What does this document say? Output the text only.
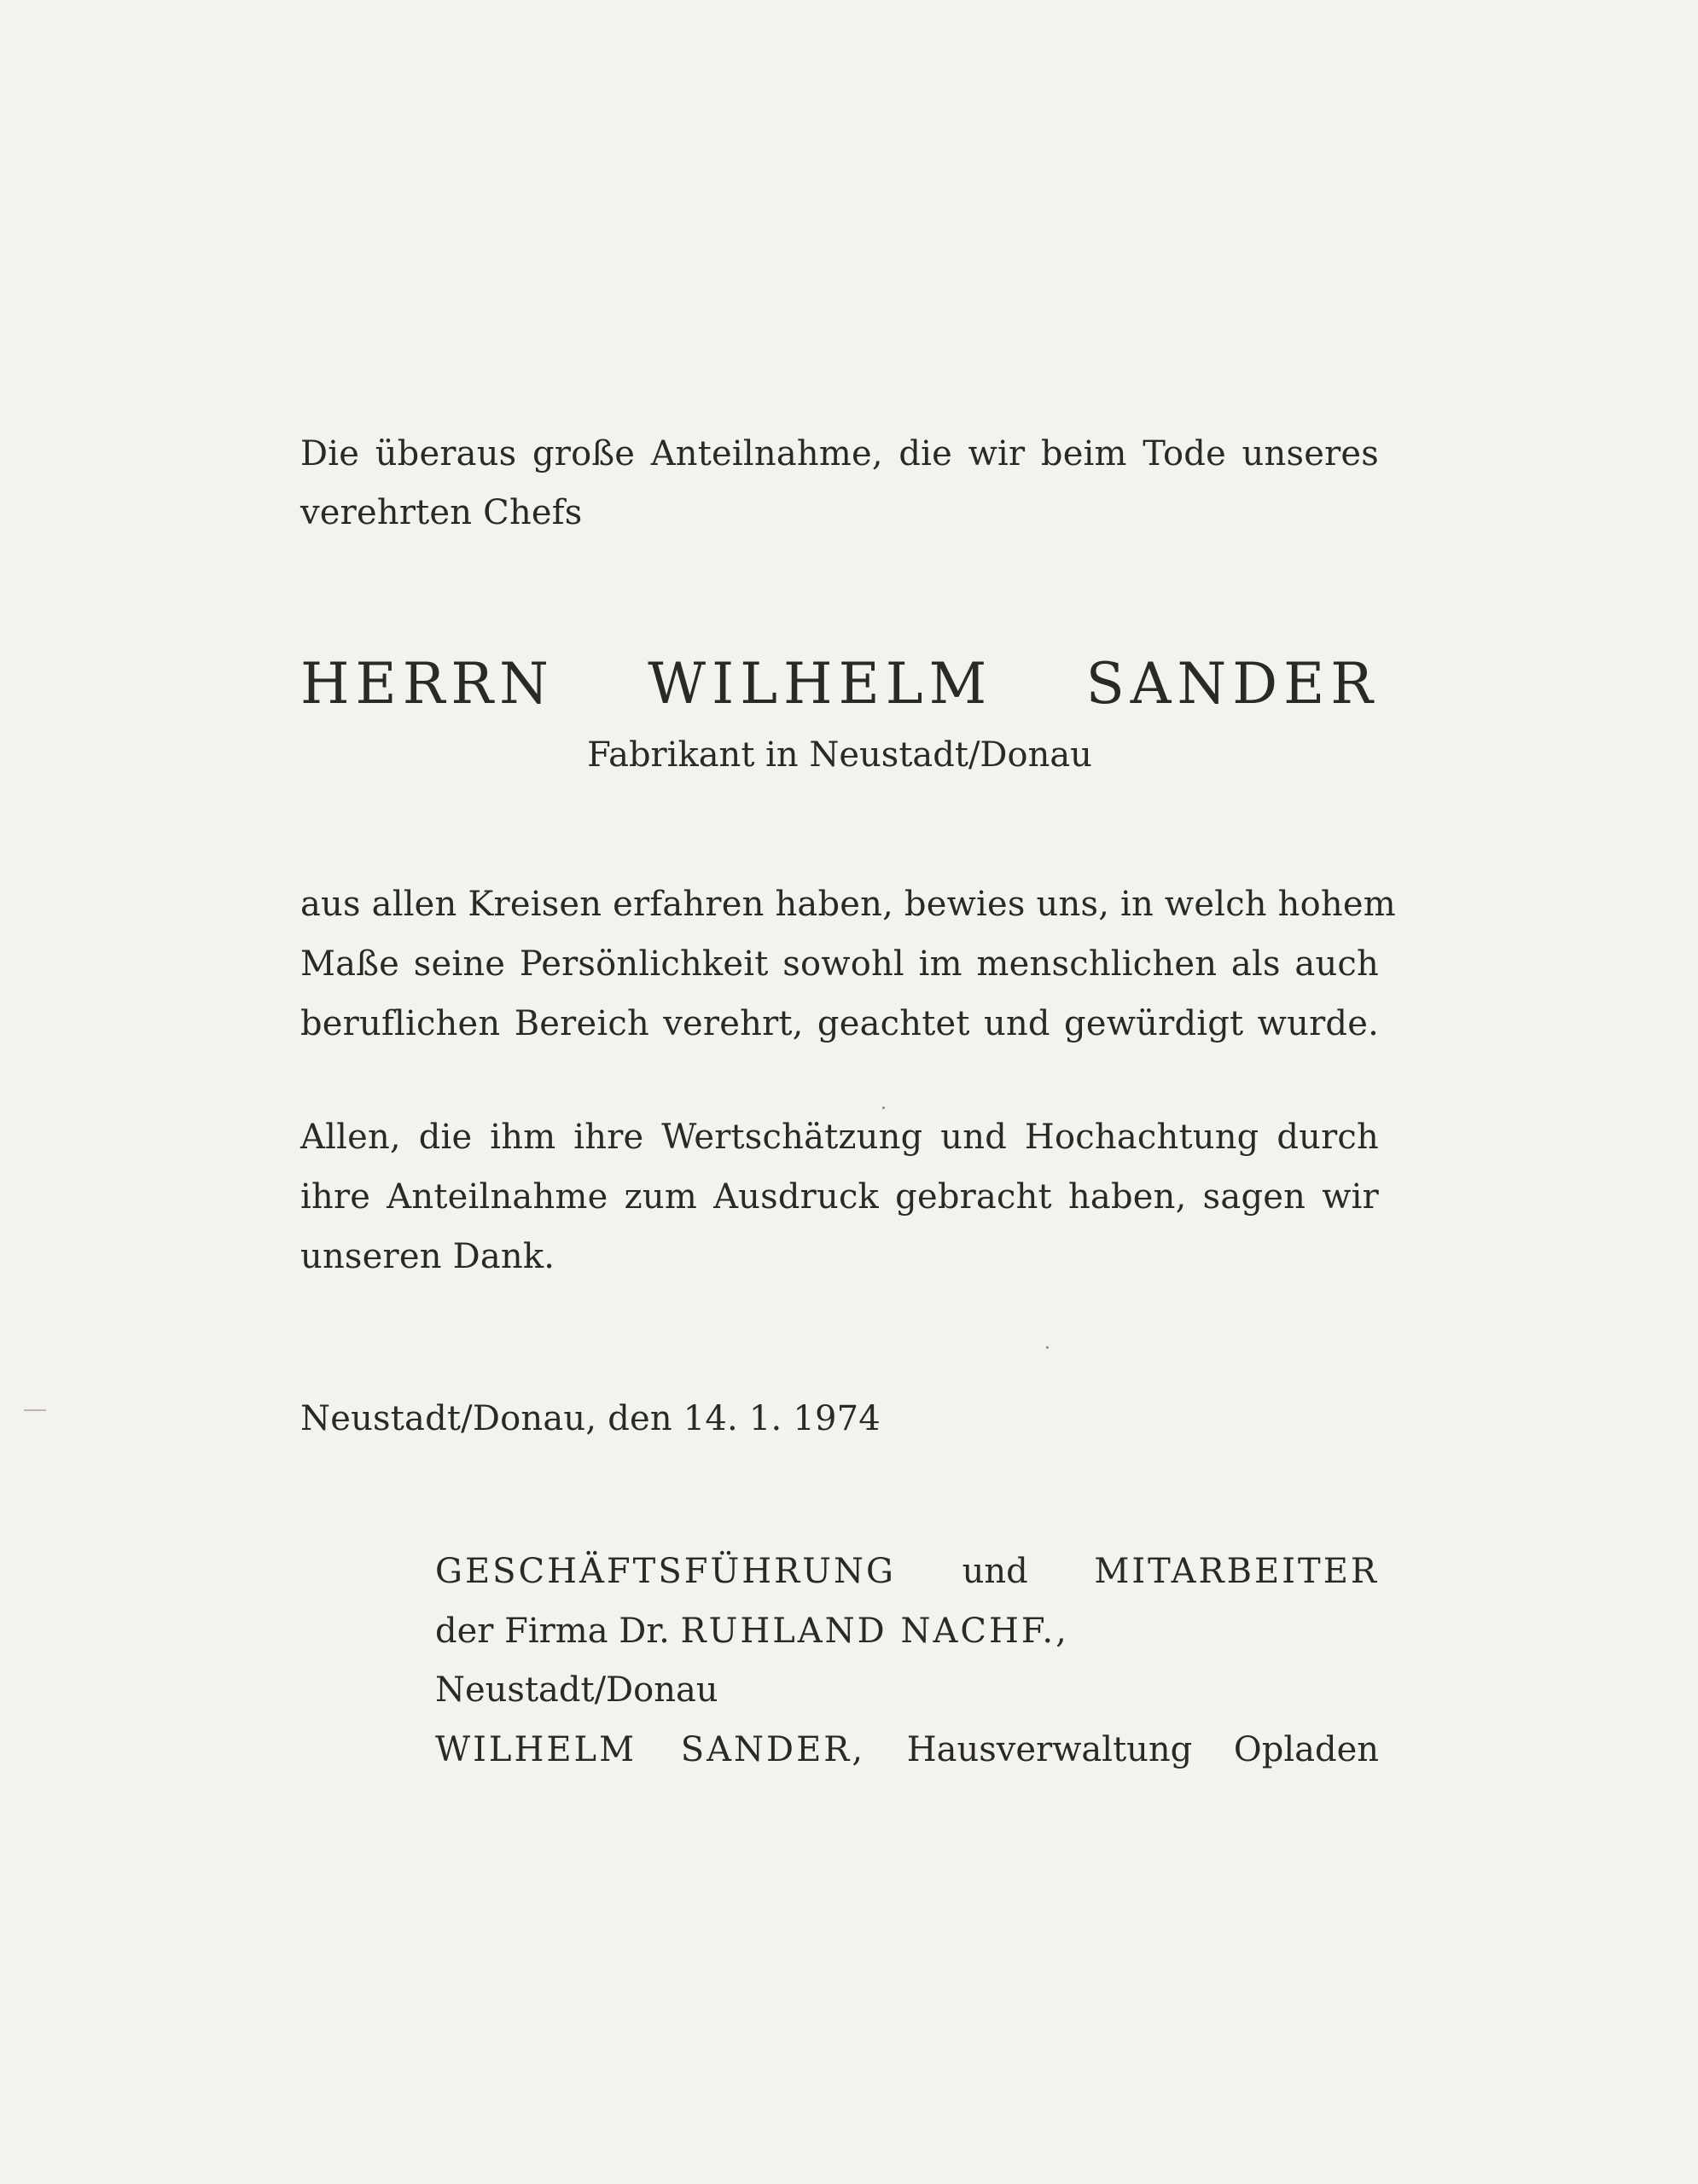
Die überaus große Anteilnahme, die wir beim Tode unseres
verehrten Chefs
HERRN WILHELM SANDER
Fabrikant in Neustadt/Donau
aus allen Kreisen erfahren haben, bewies uns, in welch hohem
Maße seine Persönlichkeit sowohl im menschlichen als auch
beruflichen Bereich verehrt, geachtet und gewürdigt wurde.
Allen, die ihm ihre Wertschätzung und Hochachtung durch
ihre Anteilnahme zum Ausdruck gebracht haben, sagen wir
unseren Dank.
Neustadt/Donau, den 14. 1. 1974
GESCHÄFTSFÜHRUNG und MITARBEITER
der Firma Dr. RUHLAND NACHF.,
Neustadt/Donau
WILHELM SANDER, Hausverwaltung Opladen
